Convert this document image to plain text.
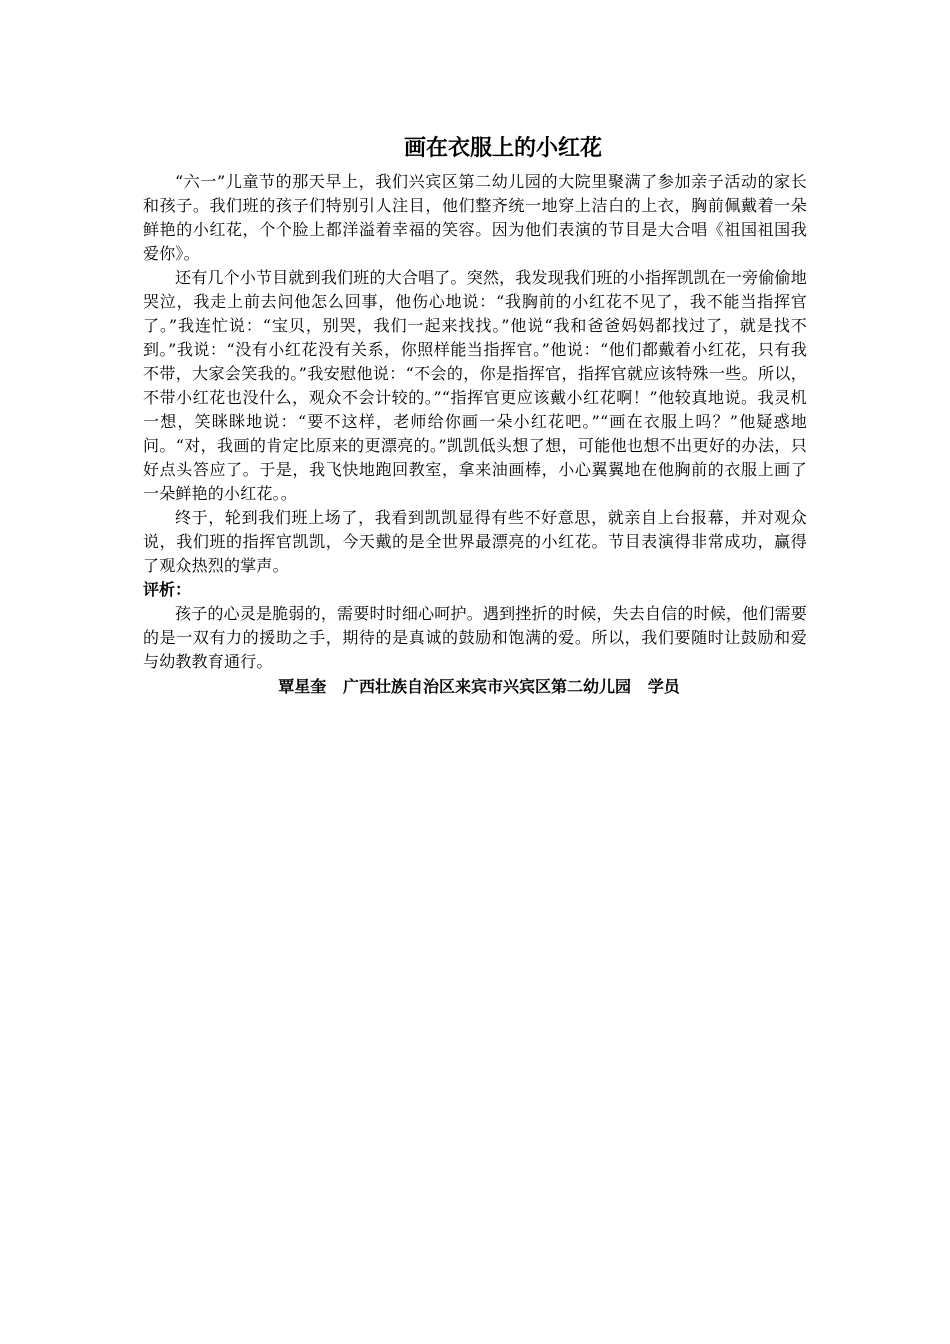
画在衣服上的小红花

“六一”儿童节的那天早上，我们兴宾区第二幼儿园的大院里聚满了参加亲子活动的家长和孩子。我们班的孩子们特别引人注目，他们整齐统一地穿上洁白的上衣，胸前佩戴着一朵鲜艳的小红花，个个脸上都洋溢着幸福的笑容。因为他们表演的节目是大合唱《祖国祖国我爱你》。

还有几个小节目就到我们班的大合唱了。突然，我发现我们班的小指挥凯凯在一旁偷偷地哭泣，我走上前去问他怎么回事，他伤心地说：“我胸前的小红花不见了，我不能当指挥官了。”我连忙说：“宝贝，别哭，我们一起来找找。”他说“我和爸爸妈妈都找过了，就是找不到。”我说：“没有小红花没有关系，你照样能当指挥官。”他说：“他们都戴着小红花，只有我不带，大家会笑我的。”我安慰他说：“不会的，你是指挥官，指挥官就应该特殊一些。所以，不带小红花也没什么，观众不会计较的。”“指挥官更应该戴小红花啊！”他较真地说。我灵机一想，笑眯眯地说：“要不这样，老师给你画一朵小红花吧。”“画在衣服上吗？”他疑惑地问。“对，我画的肯定比原来的更漂亮的。”凯凯低头想了想，可能他也想不出更好的办法，只好点头答应了。于是，我飞快地跑回教室，拿来油画棒，小心翼翼地在他胸前的衣服上画了一朵鲜艳的小红花。。

终于，轮到我们班上场了，我看到凯凯显得有些不好意思，就亲自上台报幕，并对观众说，我们班的指挥官凯凯，今天戴的是全世界最漂亮的小红花。节目表演得非常成功，赢得了观众热烈的掌声。

评析：

孩子的心灵是脆弱的，需要时时细心呵护。遇到挫折的时候，失去自信的时候，他们需要的是一双有力的援助之手，期待的是真诚的鼓励和饱满的爱。所以，我们要随时让鼓励和爱与幼教教育通行。

覃星奎   广西壮族自治区来宾市兴宾区第二幼儿园   学员
